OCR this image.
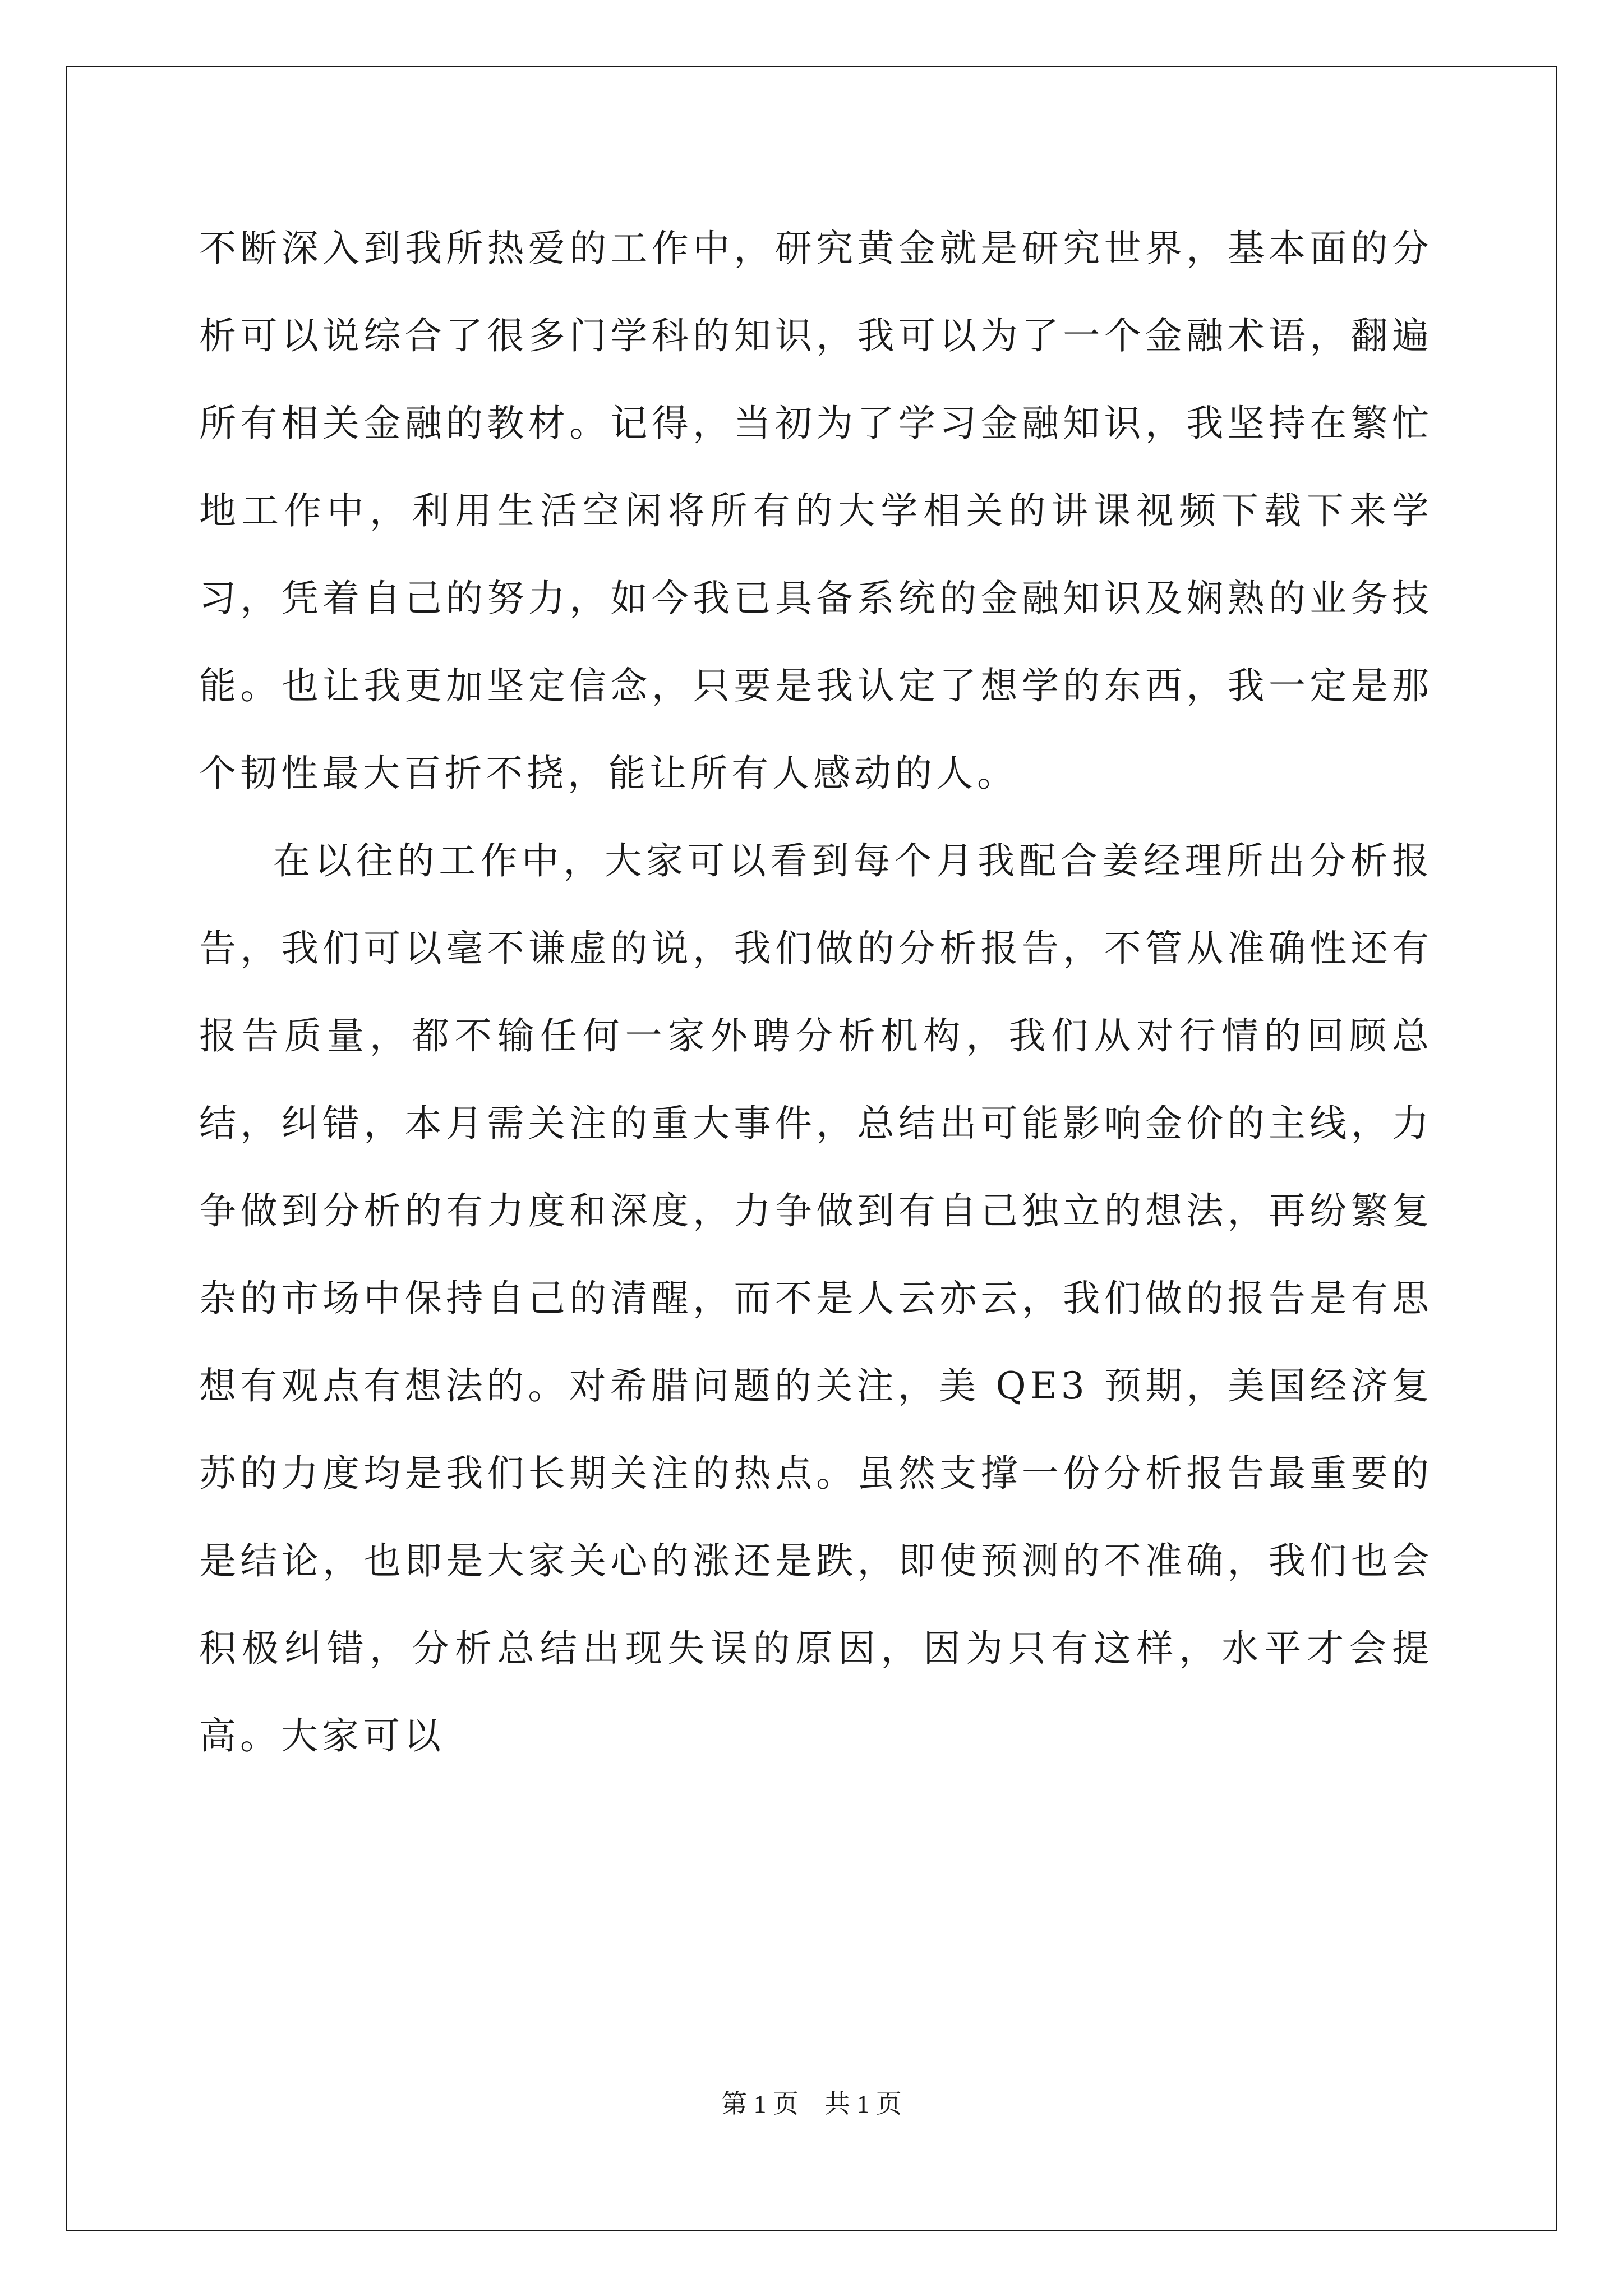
不断深入到我所热爱的工作中，研究黄金就是研究世界，基本面的分析可以说综合了很多门学科的知识，我可以为了一个金融术语，翻遍所有相关金融的教材。记得，当初为了学习金融知识，我坚持在繁忙地工作中，利用生活空闲将所有的大学相关的讲课视频下载下来学习，凭着自己的努力，如今我已具备系统的金融知识及娴熟的业务技能。也让我更加坚定信念，只要是我认定了想学的东西，我一定是那个韧性最大百折不挠，能让所有人感动的人。

在以往的工作中，大家可以看到每个月我配合姜经理所出分析报告，我们可以毫不谦虚的说，我们做的分析报告，不管从准确性还有报告质量，都不输任何一家外聘分析机构，我们从对行情的回顾总结，纠错，本月需关注的重大事件，总结出可能影响金价的主线，力争做到分析的有力度和深度，力争做到有自己独立的想法，再纷繁复杂的市场中保持自己的清醒，而不是人云亦云，我们做的报告是有思想有观点有想法的。对希腊问题的关注，美 QE3 预期，美国经济复苏的力度均是我们长期关注的热点。虽然支撑一份分析报告最重要的是结论，也即是大家关心的涨还是跌，即使预测的不准确，我们也会积极纠错，分析总结出现失误的原因，因为只有这样，水平才会提高。大家可以

第 1 页    共 1 页
